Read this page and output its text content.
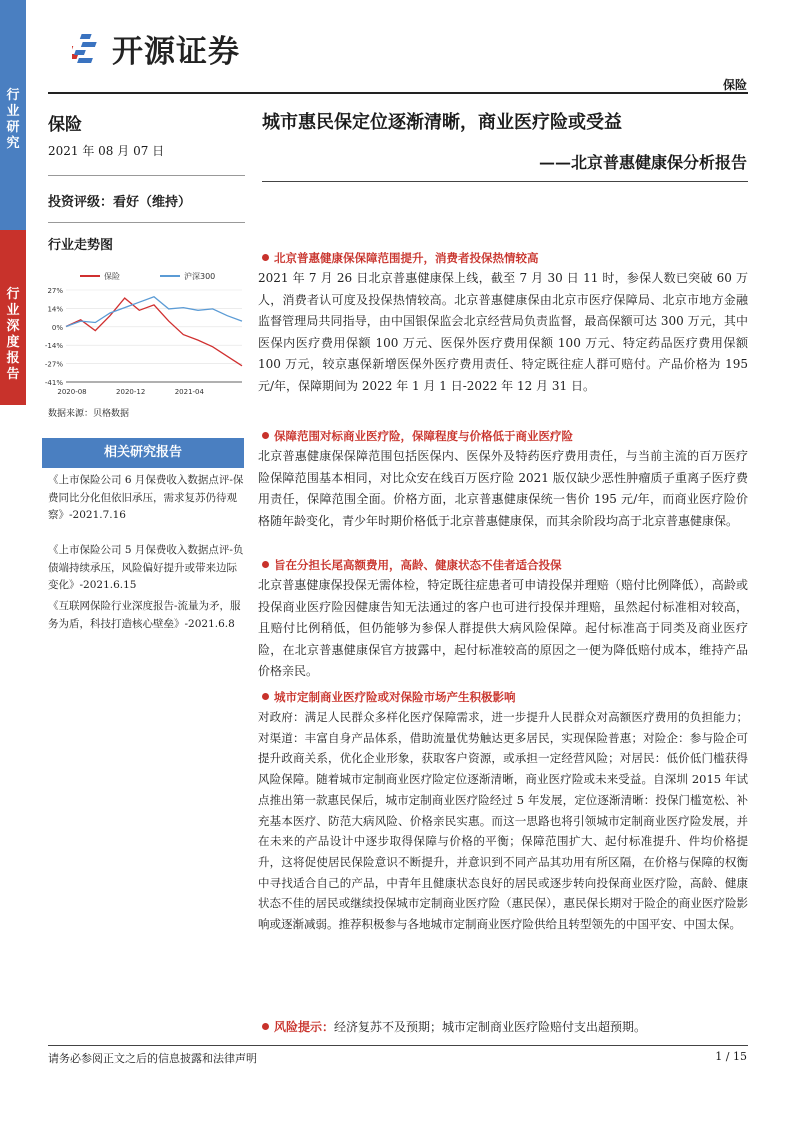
行业研究
行业深度报告
开源证券
保险
保险
2021 年 08 月 07 日
投资评级：看好（维持）
行业走势图
保险	沪深300
27%
14%
0%
-14%
-27%
-41%
2020-08	2020-12	2021-04
数据来源：贝格数据
相关研究报告
《上市保险公司 6 月保费收入数据点评-保费同比分化但依旧承压，需求复苏仍待观察》-2021.7.16
《上市保险公司 5 月保费收入数据点评-负债端持续承压，风险偏好提升或带来边际变化》-2021.6.15
《互联网保险行业深度报告-流量为矛，服务为盾，科技打造核心壁垒》-2021.6.8
城市惠民保定位逐渐清晰，商业医疗险或受益
——北京普惠健康保分析报告
北京普惠健康保保障范围提升，消费者投保热情较高
2021 年 7 月 26 日北京普惠健康保上线，截至 7 月 30 日 11 时，参保人数已突破 60 万人，消费者认可度及投保热情较高。北京普惠健康保由北京市医疗保障局、北京市地方金融监督管理局共同指导，由中国银保监会北京经营局负责监督，最高保额可达 300 万元，其中医保内医疗费用保额 100 万元、医保外医疗费用保额 100 万元、特定药品医疗费用保额 100 万元，较京惠保新增医保外医疗费用责任、特定既往症人群可赔付。产品价格为 195 元/年，保障期间为 2022 年 1 月 1 日-2022 年 12 月 31 日。
保障范围对标商业医疗险，保障程度与价格低于商业医疗险
北京普惠健康保保障范围包括医保内、医保外及特药医疗费用责任，与当前主流的百万医疗险保障范围基本相同，对比众安在线百万医疗险 2021 版仅缺少恶性肿瘤质子重离子医疗费用责任，保障范围全面。价格方面，北京普惠健康保统一售价 195 元/年，而商业医疗险价格随年龄变化，青少年时期价格低于北京普惠健康保，而其余阶段均高于北京普惠健康保。
旨在分担长尾高额费用，高龄、健康状态不佳者适合投保
北京普惠健康保投保无需体检，特定既往症患者可申请投保并理赔（赔付比例降低），高龄或投保商业医疗险因健康告知无法通过的客户也可进行投保并理赔，虽然起付标准相对较高，且赔付比例稍低，但仍能够为参保人群提供大病风险保障。起付标准高于同类及商业医疗险，在北京普惠健康保官方披露中，起付标准较高的原因之一便为降低赔付成本，维持产品价格亲民。
城市定制商业医疗险或对保险市场产生积极影响
对政府：满足人民群众多样化医疗保障需求，进一步提升人民群众对高额医疗费用的负担能力；对渠道：丰富自身产品体系，借助流量优势触达更多居民，实现保险普惠；对险企：参与险企可提升政商关系，优化企业形象，获取客户资源，或承担一定经营风险；对居民：低价低门槛获得风险保障。随着城市定制商业医疗险定位逐渐清晰，商业医疗险或未来受益。自深圳 2015 年试点推出第一款惠民保后，城市定制商业医疗险经过 5 年发展，定位逐渐清晰：投保门槛宽松、补充基本医疗、防范大病风险、价格亲民实惠。而这一思路也将引领城市定制商业医疗险发展，并在未来的产品设计中逐步取得保障与价格的平衡；保障范围扩大、起付标准提升、件均价格提升，这将促使居民保险意识不断提升，并意识到不同产品其功用有所区隔，在价格与保障的权衡中寻找适合自己的产品，中青年且健康状态良好的居民或逐步转向投保商业医疗险，高龄、健康状态不佳的居民或继续投保城市定制商业医疗险（惠民保），惠民保长期对于险企的商业医疗险影响或逐渐减弱。推荐积极参与各地城市定制商业医疗险供给且转型领先的中国平安、中国太保。
风险提示：经济复苏不及预期；城市定制商业医疗险赔付支出超预期。
请务必参阅正文之后的信息披露和法律声明	1 / 15
